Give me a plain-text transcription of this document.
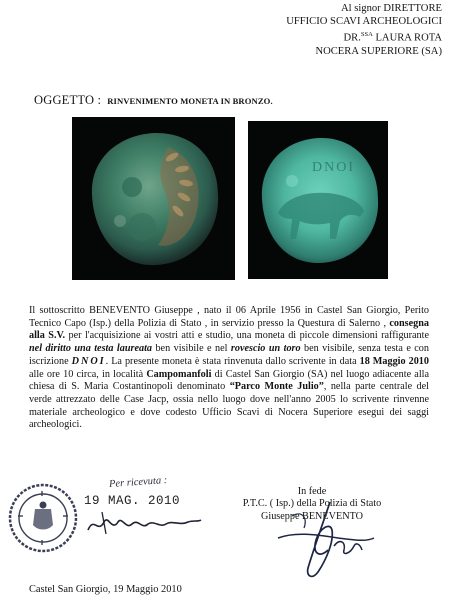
Al signor DIRETTORE
UFFICIO SCAVI ARCHEOLOGICI
DR.$^{SSA}$ LAURA ROTA
NOCERA SUPERIORE (SA)
OGGETTO : RINVENIMENTO MONETA IN BRONZO.
DNOI
Il sottoscritto BENEVENTO Giuseppe , nato il 06 Aprile 1956 in Castel San Giorgio, Perito Tecnico Capo (Isp.) della Polizia di Stato , in servizio presso la Questura di Salerno , consegna alla S.V. per l'acquisizione ai vostri atti e studio, una moneta di piccole dimensioni raffigurante nel diritto una testa laureata ben visibile e nel rovescio un toro ben visibile, senza testa e con iscrizione DNOI. La presente moneta è stata rinvenuta dallo scrivente in data 18 Maggio 2010 alle ore 10 circa, in località Campomanfoli di Castel San Giorgio (SA) nel luogo adiacente alla chiesa di S. Maria Costantinopoli denominato “Parco Monte Julio”, nella parte centrale del verde attrezzato delle Case Jacp, ossia nello luogo dove nell'anno 2005 lo scrivente rinvenne materiale archeologico e dove codesto Ufficio Scavi di Nocera Superiore esegui dei saggi archeologici.
Per ricevuta :
19 MAG. 2010
In fede
P.T.C. ( Isp.) della Polizia di Stato
Giuseppe BENEVENTO
Castel San Giorgio, 19 Maggio 2010
